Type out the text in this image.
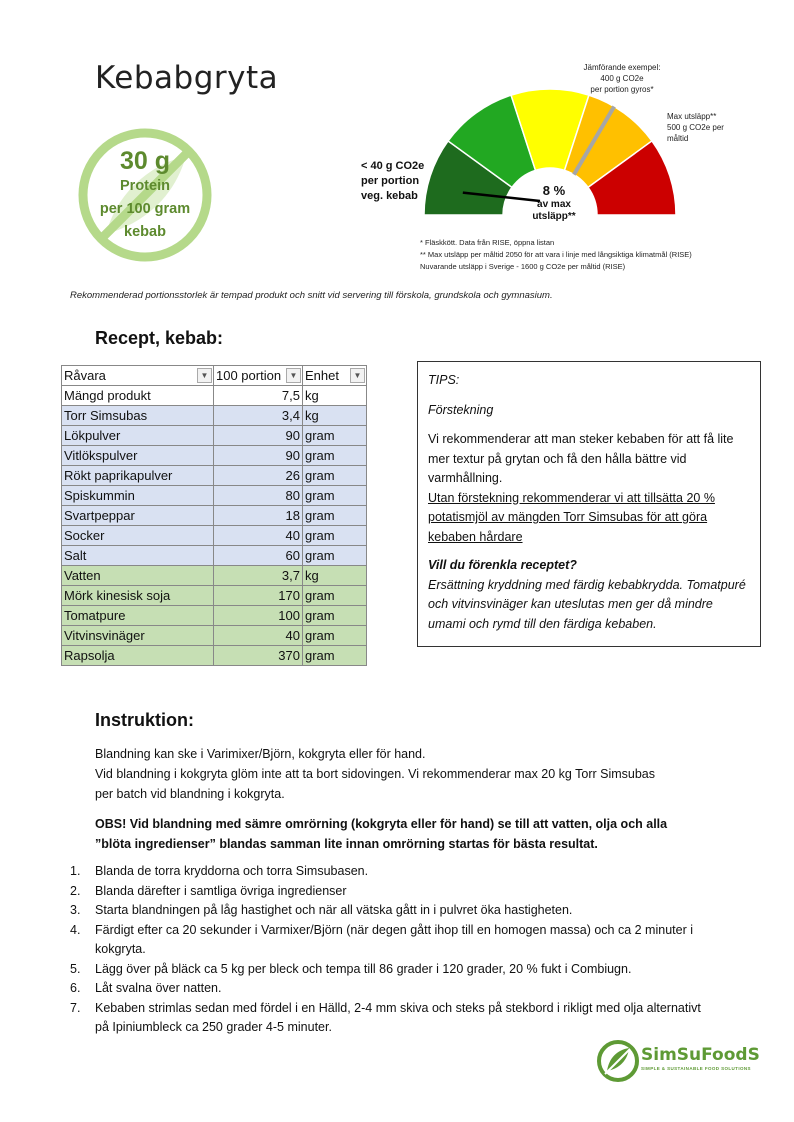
Kebabgryta
30 g
Protein
per 100 gram
kebab
Jämförande exempel:
400 g CO2e
per portion gyros*
Max utsläpp**
500 g CO2e per
måltid
< 40 g CO2e
per portion
veg. kebab	8 %
av max
utsläpp**
* Fläskkött. Data från RISE, öppna listan
** Max utsläpp per måltid 2050 för att vara i linje med långsiktiga klimatmål (RISE)
Nuvarande utsläpp i Sverige - 1600 g CO2e per måltid (RISE)
Rekommenderad portionsstorlek är tempad produkt och snitt vid servering till förskola, grundskola och gymnasium.
Recept, kebab:
Råvara ▼	100 portion ▼	Enhet ▼

Mängd produkt	7,5	kg
Torr Simsubas	3,4	kg
Lökpulver	90	gram
Vitlökspulver	90	gram
Rökt paprikapulver	26	gram
Spiskummin	80	gram
Svartpeppar	18	gram
Socker	40	gram
Salt	60	gram
Vatten	3,7	kg
Mörk kinesisk soja	170	gram
Tomatpure	100	gram
Vitvinsvinäger	40	gram
Rapsolja	370	gram
TIPS:
Förstekning
Vi rekommenderar att man steker kebaben för att få lite mer textur på grytan och få den hålla bättre vid varmhållning.
Utan förstekning rekommenderar vi att tillsätta 20 % potatismjöl av mängden Torr Simsubas för att göra kebaben hårdare
Vill du förenkla receptet?
Ersättning kryddning med färdig kebabkrydda. Tomatpuré och vitvinsvinäger kan uteslutas men ger då mindre umami och rymd till den färdiga kebaben.
Instruktion:
Blandning kan ske i Varimixer/Björn, kokgryta eller för hand.
Vid blandning i kokgryta glöm inte att ta bort sidovingen. Vi rekommenderar max 20 kg Torr Simsubas per batch vid blandning i kokgryta.
OBS! Vid blandning med sämre omrörning (kokgryta eller för hand) se till att vatten, olja och alla ”blöta ingredienser” blandas samman lite innan omrörning startas för bästa resultat.
1. Blanda de torra kryddorna och torra Simsubasen.
2. Blanda därefter i samtliga övriga ingredienser
3. Starta blandningen på låg hastighet och när all vätska gått in i pulvret öka hastigheten.
4. Färdigt efter ca 20 sekunder i Varmixer/Björn (när degen gått ihop till en homogen massa) och ca 2 minuter i kokgryta.
5. Lägg över på bläck ca 5 kg per bleck och tempa till 86 grader i 120 grader, 20 % fukt i Combiugn.
6. Låt svalna över natten.
7. Kebaben strimlas sedan med fördel i en Hälld, 2-4 mm skiva och steks på stekbord i rikligt med olja alternativt på Ipiniumbleck ca 250 grader 4-5 minuter.
SimSuFoodS
SIMPLE & SUSTAINABLE FOOD SOLUTIONS
